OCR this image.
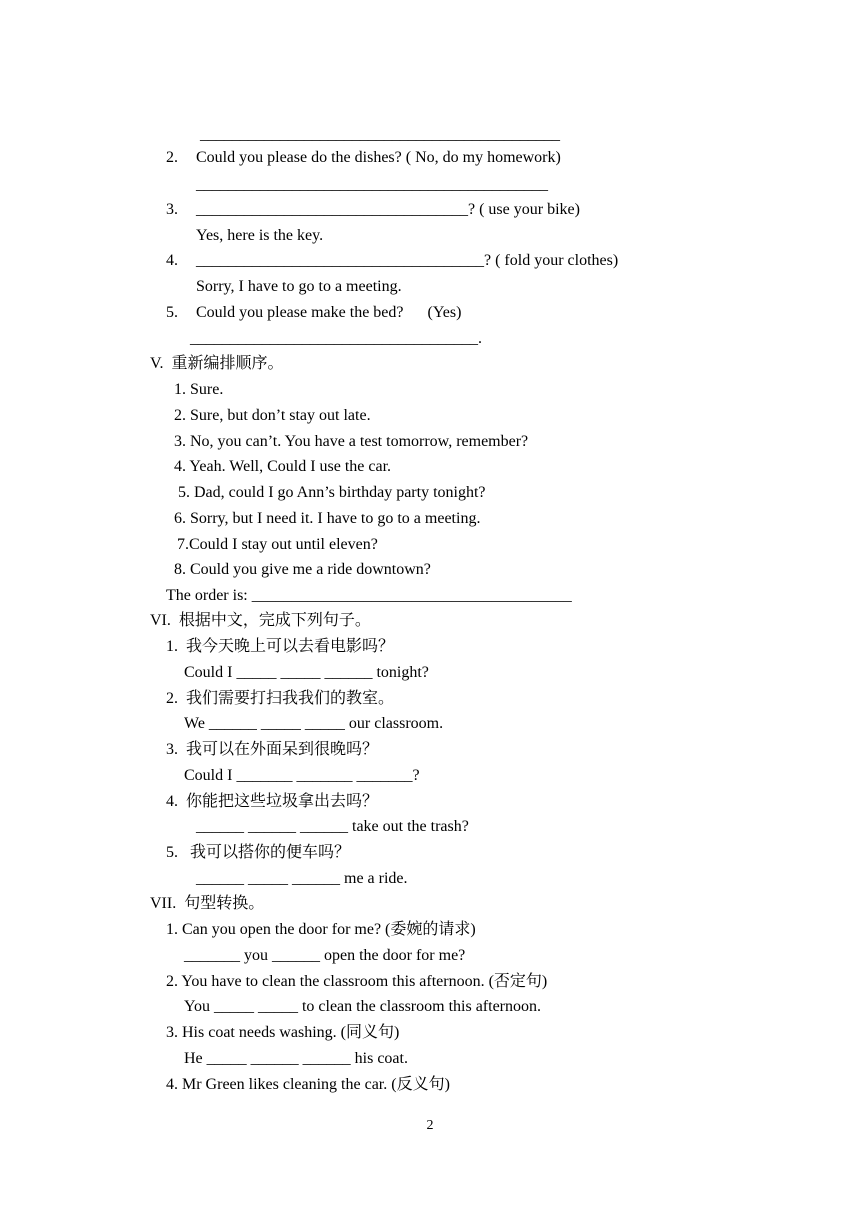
_____________________________________________
2. Could you please do the dishes? ( No, do my homework)
____________________________________________
3. __________________________________? ( use your bike)
Yes, here is the key.
4. ____________________________________? ( fold your clothes)
Sorry, I have to go to a meeting.
5. Could you please make the bed?      (Yes)
____________________________________.
V.  重新编排顺序。
1. Sure.
2. Sure, but don’t stay out late.
3. No, you can’t. You have a test tomorrow, remember?
4. Yeah. Well, Could I use the car.
5. Dad, could I go Ann’s birthday party tonight?
6. Sorry, but I need it. I have to go to a meeting.
7.Could I stay out until eleven?
8. Could you give me a ride downtown?
The order is: ________________________________________
VI.  根据中文，完成下列句子。
1.  我今天晚上可以去看电影吗？
Could I _____ _____ ______ tonight?
2.  我们需要打扫我我们的教室。
We ______ _____ _____ our classroom.
3.  我可以在外面呆到很晚吗？
Could I _______ _______ _______?
4.  你能把这些垃圾拿出去吗？
______ ______ ______ take out the trash?
5.   我可以搭你的便车吗？
______ _____ ______ me a ride.
VII.  句型转换。
1. Can you open the door for me? (委婉的请求)
_______ you ______ open the door for me?
2. You have to clean the classroom this afternoon. (否定句)
You _____ _____ to clean the classroom this afternoon.
3. His coat needs washing. (同义句)
He _____ ______ ______ his coat.
4. Mr Green likes cleaning the car. (反义句)
2
